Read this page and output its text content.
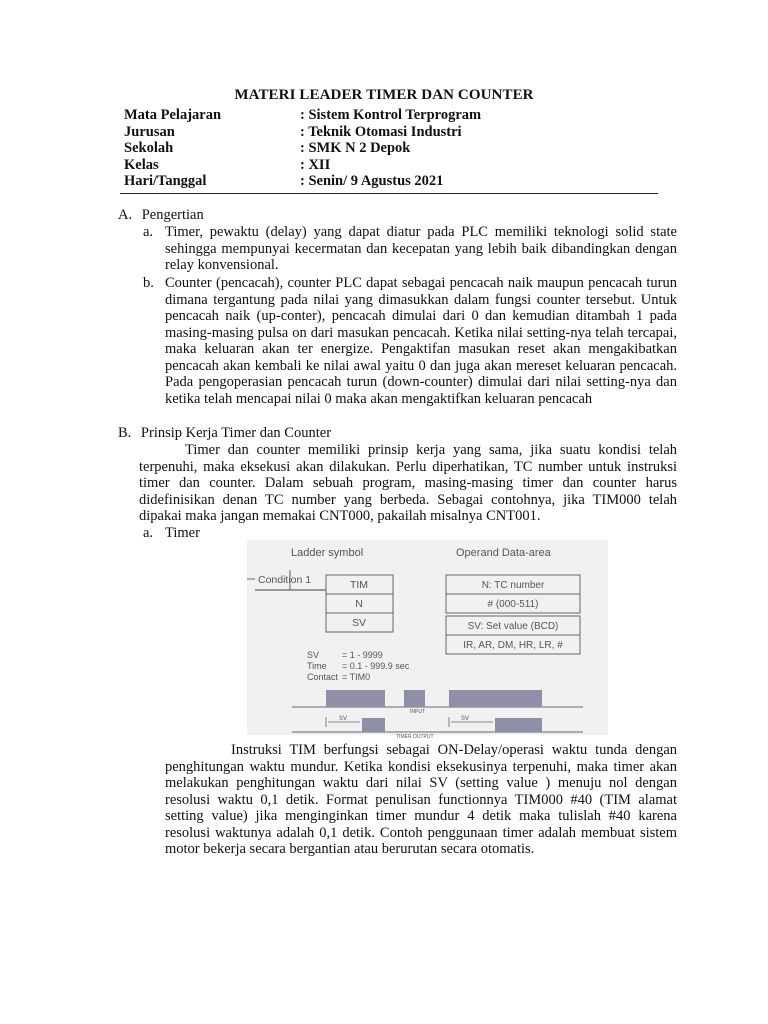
MATERI LEADER TIMER DAN COUNTER
Mata Pelajaran	: Sistem Kontrol Terprogram
Jurusan	: Teknik Otomasi Industri
Sekolah	: SMK N 2 Depok
Kelas	: XII
Hari/Tanggal	: Senin/ 9 Agustus 2021
A. Pengertian
a. Timer, pewaktu (delay) yang dapat diatur pada PLC memiliki teknologi solid state sehingga mempunyai kecermatan dan kecepatan yang lebih baik dibandingkan dengan relay konvensional.
b. Counter (pencacah), counter PLC dapat sebagai pencacah naik maupun pencacah turun dimana tergantung pada nilai yang dimasukkan dalam fungsi counter tersebut. Untuk pencacah naik (up-conter), pencacah dimulai dari 0 dan kemudian ditambah 1 pada masing-masing pulsa on dari masukan pencacah. Ketika nilai setting-nya telah tercapai, maka keluaran akan ter energize. Pengaktifan masukan reset akan mengakibatkan pencacah akan kembali ke nilai awal yaitu 0 dan juga akan mereset keluaran pencacah. Pada pengoperasian pencacah turun (down-counter) dimulai dari nilai setting-nya dan ketika telah mencapai nilai 0 maka akan mengaktifkan keluaran pencacah
B. Prinsip Kerja Timer dan Counter
Timer dan counter memiliki prinsip kerja yang sama, jika suatu kondisi telah terpenuhi, maka eksekusi akan dilakukan. Perlu diperhatikan, TC number untuk instruksi timer dan counter. Dalam sebuah program, masing-masing timer dan counter harus didefinisikan denan TC number yang berbeda. Sebagai contohnya, jika TIM000 telah dipakai maka jangan memakai CNT000, pakailah misalnya CNT001.
a. Timer
Ladder symbol	Operand Data-area
Condition 1	TIM
N
SV
N: TC number
# (000-511)
SV: Set value (BCD)
IR, AR, DM, HR, LR, #
SV	= 1 - 9999
Time = 0.1 - 999.9 sec
Contact = TIM0
INPUT
SV	SV
TIMER OUTPUT
Instruksi TIM berfungsi sebagai ON-Delay/operasi waktu tunda dengan penghitungan waktu mundur. Ketika kondisi eksekusinya terpenuhi, maka timer akan melakukan penghitungan waktu dari nilai SV (setting value ) menuju nol dengan resolusi waktu 0,1 detik. Format penulisan functionnya TIM000 #40 (TIM alamat setting value) jika menginginkan timer mundur 4 detik maka tulislah #40 karena resolusi waktunya adalah 0,1 detik. Contoh penggunaan timer adalah membuat sistem motor bekerja secara bergantian atau berurutan secara otomatis.
